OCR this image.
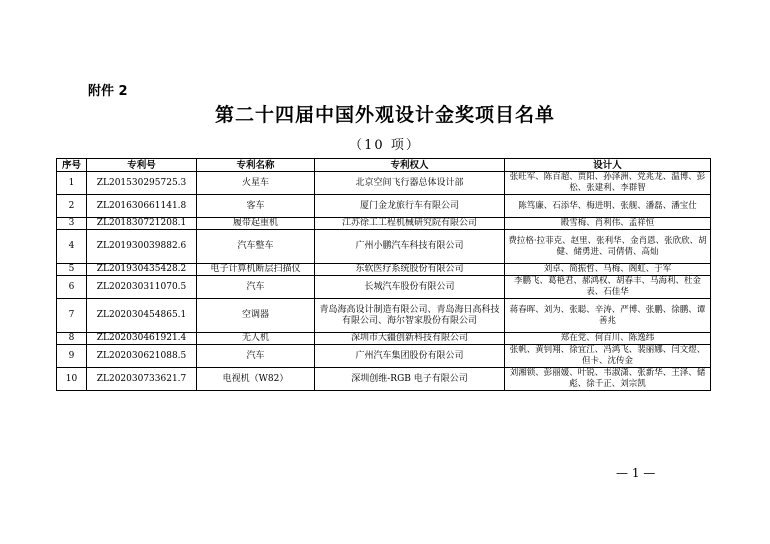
附件 2
第二十四届中国外观设计金奖项目名单
（10 项）
序号	专利号	专利名称	专利权人	设计人
1	ZL201530295725.3	火星车	北京空间飞行器总体设计部	张旺军、陈百超、贾阳、孙泽洲、党兆龙、温博、彭松、张建利、李群智
2	ZL201630661141.8	客车	厦门金龙旅行车有限公司	陈笃廉、石添华、梅进明、张舰、潘磊、潘宝仕
3	ZL201830721208.1	履带起重机	江苏徐工工程机械研究院有限公司	殿雪梅、肖利伟、孟祥恒
4	ZL201930039882.6	汽车整车	广州小鹏汽车科技有限公司	费拉格·拉菲克、赵里、张利华、金肖恩、张欣欣、胡健、储勇进、司倩倩、高灿
5	ZL201930435428.2	电子计算机断层扫描仪	东软医疗系统股份有限公司	刘卓、简振哲、马梅、阁虹、于军
6	ZL202030311070.5	汽车	长城汽车股份有限公司	李鹏飞、葛艳君、郝鸿权、胡春丰、马海利、杜金表、石佳华
7	ZL202030454865.1	空调器	青岛海高设计制造有限公司、青岛海日高科技有限公司、海尔智家股份有限公司	蒋春晖、刘为、张聪、辛涛、严博、张鹏、徐鹏、谭善兆
8	ZL202030461921.4	无人机	深圳市大疆创新科技有限公司	郑在党、何百川、陈逸纬
9	ZL202030621088.5	汽车	广州汽车集团股份有限公司	张帆、黄钊翔、徐宜江、冯鸿飞、裴丽娜、闫文煜、但卡、沈传金
10	ZL202030733621.7	电视机（W82）	深圳创维-RGB 电子有限公司	刘湘锁、彭丽媛、叶锐、韦淑潇、张新华、王泽、储彪、徐千正、刘宗凯
— 1 —
